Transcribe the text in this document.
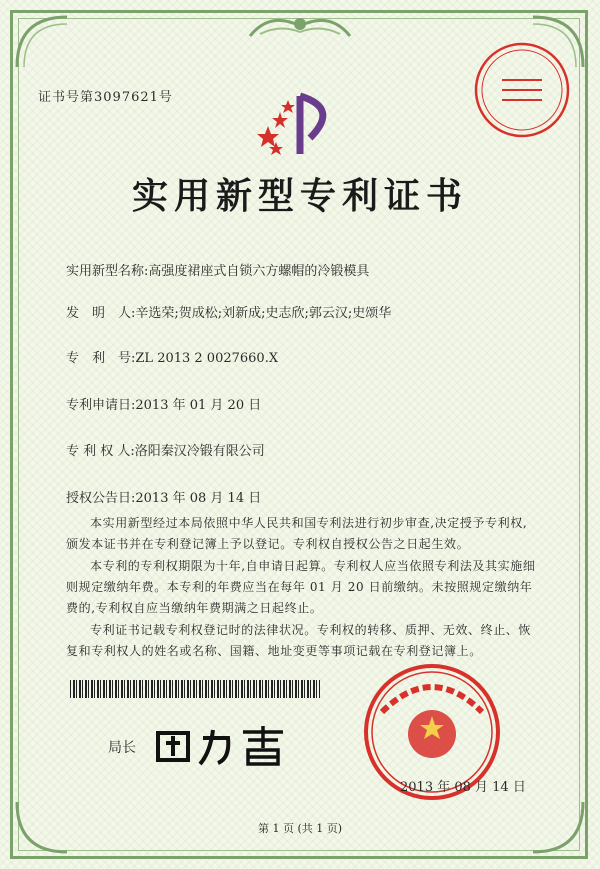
证书号第3097621号
实用新型专利证书
实用新型名称:高强度裙座式自锁六方螺帽的冷锻模具
发　明　人:辛选荣;贺成松;刘新成;史志欣;郭云汉;史颂华
专　利　号:ZL 2013 2 0027660.X
专利申请日:2013 年 01 月 20 日
专 利 权 人:洛阳秦汉冷锻有限公司
授权公告日:2013 年 08 月 14 日
本实用新型经过本局依照中华人民共和国专利法进行初步审查,决定授予专利权,颁发本证书并在专利登记簿上予以登记。专利权自授权公告之日起生效。
本专利的专利权期限为十年,自申请日起算。专利权人应当依照专利法及其实施细则规定缴纳年费。本专利的年费应当在每年 01 月 20 日前缴纳。未按照规定缴纳年费的,专利权自应当缴纳年费期满之日起终止。
专利证书记载专利权登记时的法律状况。专利权的转移、质押、无效、终止、恢复和专利权人的姓名或名称、国籍、地址变更等事项记载在专利登记簿上。
局长
2013 年 08 月 14 日
第 1 页 (共 1 页)
